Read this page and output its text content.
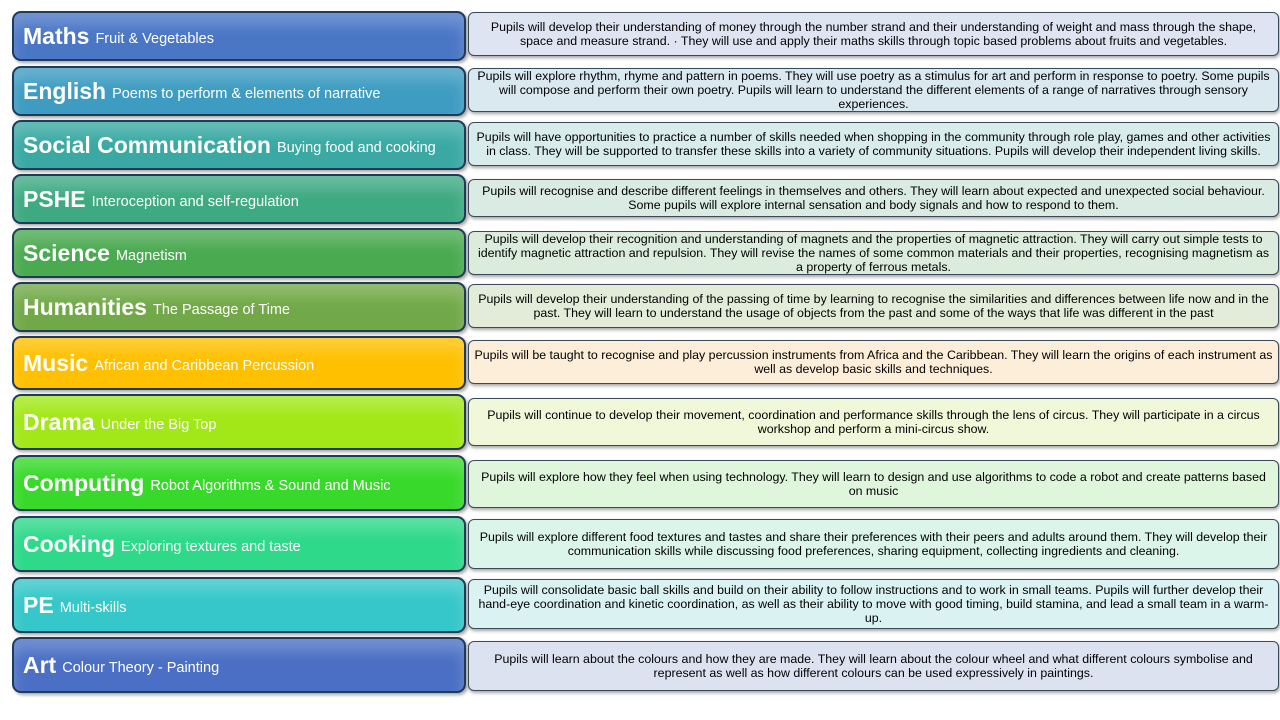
Maths Fruit & Vegetables
Pupils will develop their understanding of money through the number strand and their understanding of weight and mass through the shape, space and measure strand. · They will use and apply their maths skills through topic based problems about fruits and vegetables.
English Poems to perform & elements of narrative
Pupils will explore rhythm, rhyme and pattern in poems. They will use poetry as a stimulus for art and perform in response to poetry. Some pupils will compose and perform their own poetry. Pupils will learn to understand the different elements of a range of narratives through sensory experiences.
Social Communication Buying food and cooking
Pupils will have opportunities to practice a number of skills needed when shopping in the community through role play, games and other activities in class. They will be supported to transfer these skills into a variety of community situations. Pupils will develop their independent living skills.
PSHE Interoception and self-regulation
Pupils will recognise and describe different feelings in themselves and others. They will learn about expected and unexpected social behaviour. Some pupils will explore internal sensation and body signals and how to respond to them.
Science Magnetism
Pupils will develop their recognition and understanding of magnets and the properties of magnetic attraction. They will carry out simple tests to identify magnetic attraction and repulsion. They will revise the names of some common materials and their properties, recognising magnetism as a property of ferrous metals.
Humanities The Passage of Time
Pupils will develop their understanding of the passing of time by learning to recognise the similarities and differences between life now and in the past. They will learn to understand the usage of objects from the past and some of the ways that life was different in the past
Music African and Caribbean Percussion
Pupils will be taught to recognise and play percussion instruments from Africa and the Caribbean. They will learn the origins of each instrument as well as develop basic skills and techniques.
Drama Under the Big Top
Pupils will continue to develop their movement, coordination and performance skills through the lens of circus. They will participate in a circus workshop and perform a mini-circus show.
Computing Robot Algorithms & Sound and Music
Pupils will explore how they feel when using technology. They will learn to design and use algorithms to code a robot and create patterns based on music
Cooking Exploring textures and taste
Pupils will explore different food textures and tastes and share their preferences with their peers and adults around them. They will develop their communication skills while discussing food preferences, sharing equipment, collecting ingredients and cleaning.
PE Multi-skills
Pupils will consolidate basic ball skills and build on their ability to follow instructions and to work in small teams. Pupils will further develop their hand-eye coordination and kinetic coordination, as well as their ability to move with good timing, build stamina, and lead a small team in a warm-up.
Art Colour Theory - Painting
Pupils will learn about the colours and how they are made. They will learn about the colour wheel and what different colours symbolise and represent as well as how different colours can be used expressively in paintings.
